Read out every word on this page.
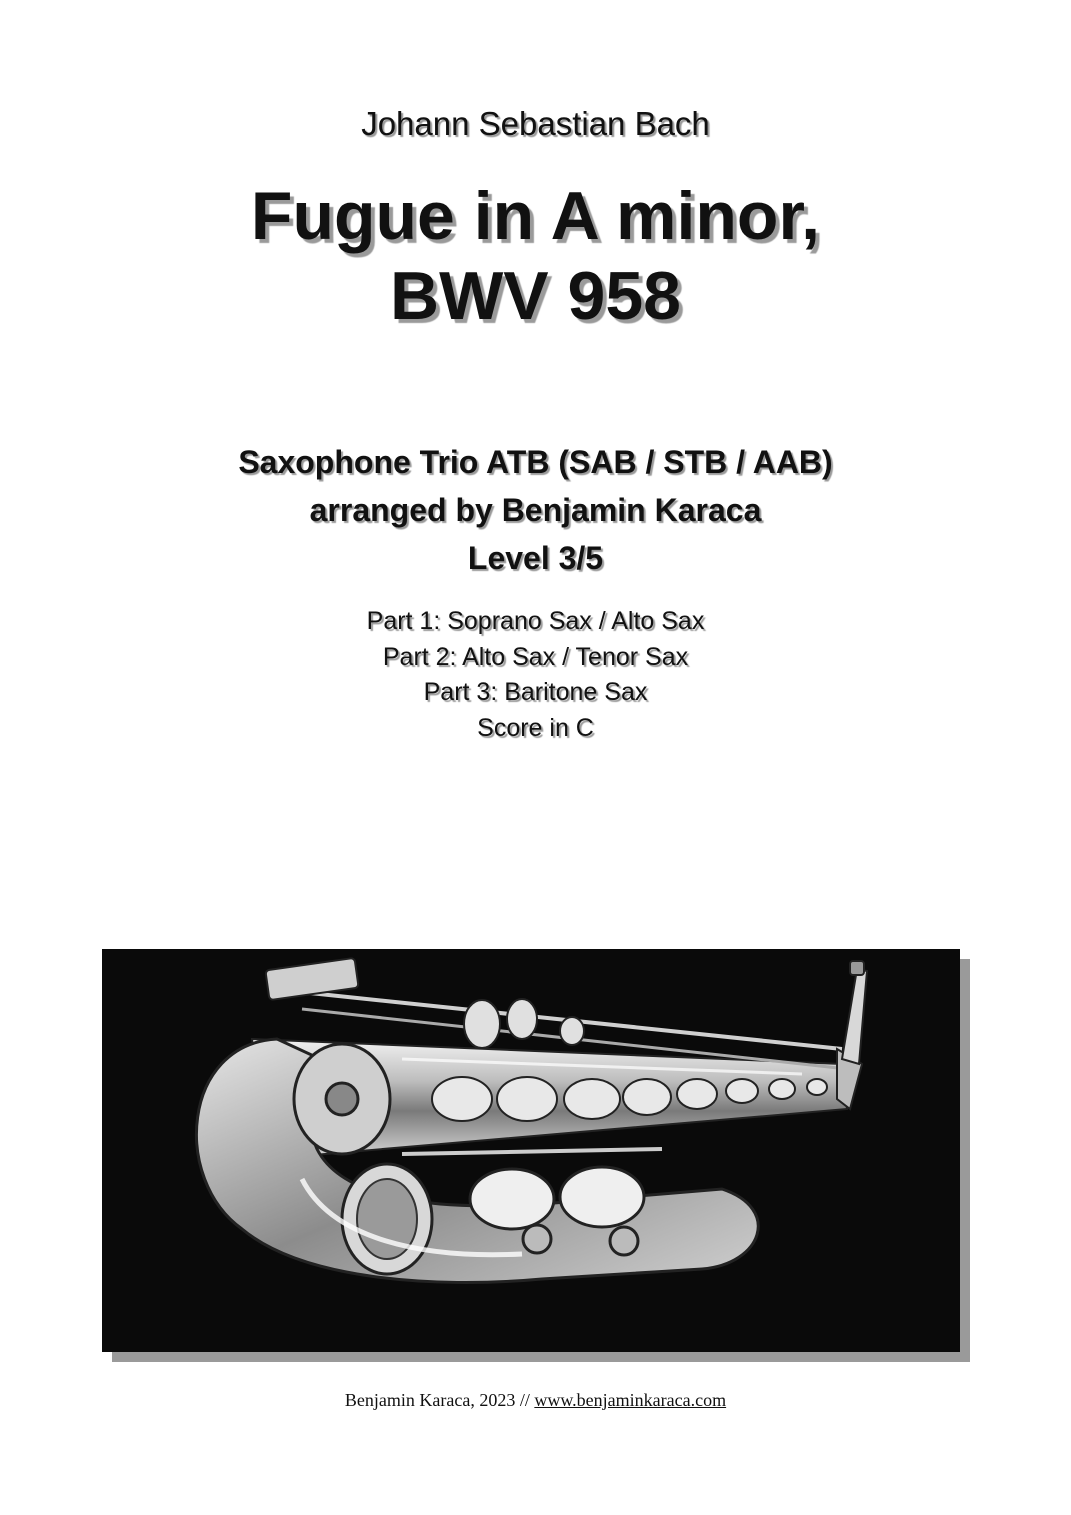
Johann Sebastian Bach
Fugue in A minor,
BWV 958
Saxophone Trio ATB (SAB / STB / AAB)
arranged by Benjamin Karaca
Level 3/5
Part 1: Soprano Sax / Alto Sax
Part 2: Alto Sax / Tenor Sax
Part 3: Baritone Sax
Score in C
Benjamin Karaca, 2023 // www.benjaminkaraca.com
